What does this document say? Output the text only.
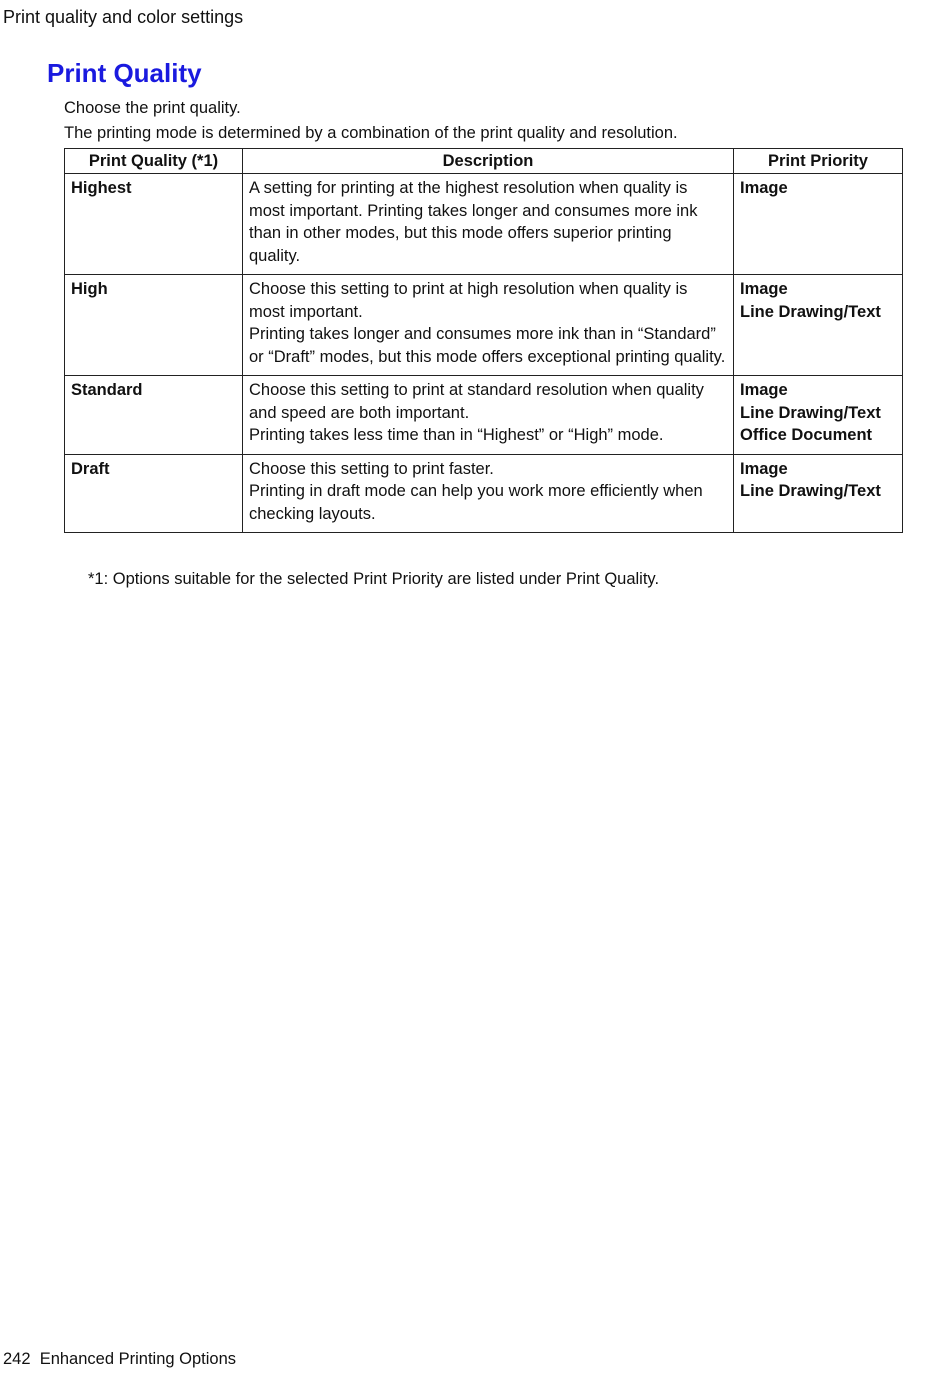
Print quality and color settings
Print Quality

Choose the print quality.

The printing mode is determined by a combination of the print quality and resolution.

Print Quality (*1)	Description	Print Priority
Highest	A setting for printing at the highest resolution when quality is most important. Printing takes longer and consumes more ink than in other modes, but this mode offers superior printing quality.	Image

High	Choose this setting to print at high resolution when quality is most important.
Printing takes longer and consumes more ink than in “Standard” or “Draft” modes, but this mode offers exceptional printing quality.	Image
Line Drawing/Text

Standard	Choose this setting to print at standard resolution when quality and speed are both important.
Printing takes less time than in “Highest” or “High” mode.	Image
Line Drawing/Text
Office Document

Draft	Choose this setting to print faster.
Printing in draft mode can help you work more efficiently when checking layouts.	Image
Line Drawing/Text
*1: Options suitable for the selected Print Priority are listed under Print Quality.
242 Enhanced Printing Options
